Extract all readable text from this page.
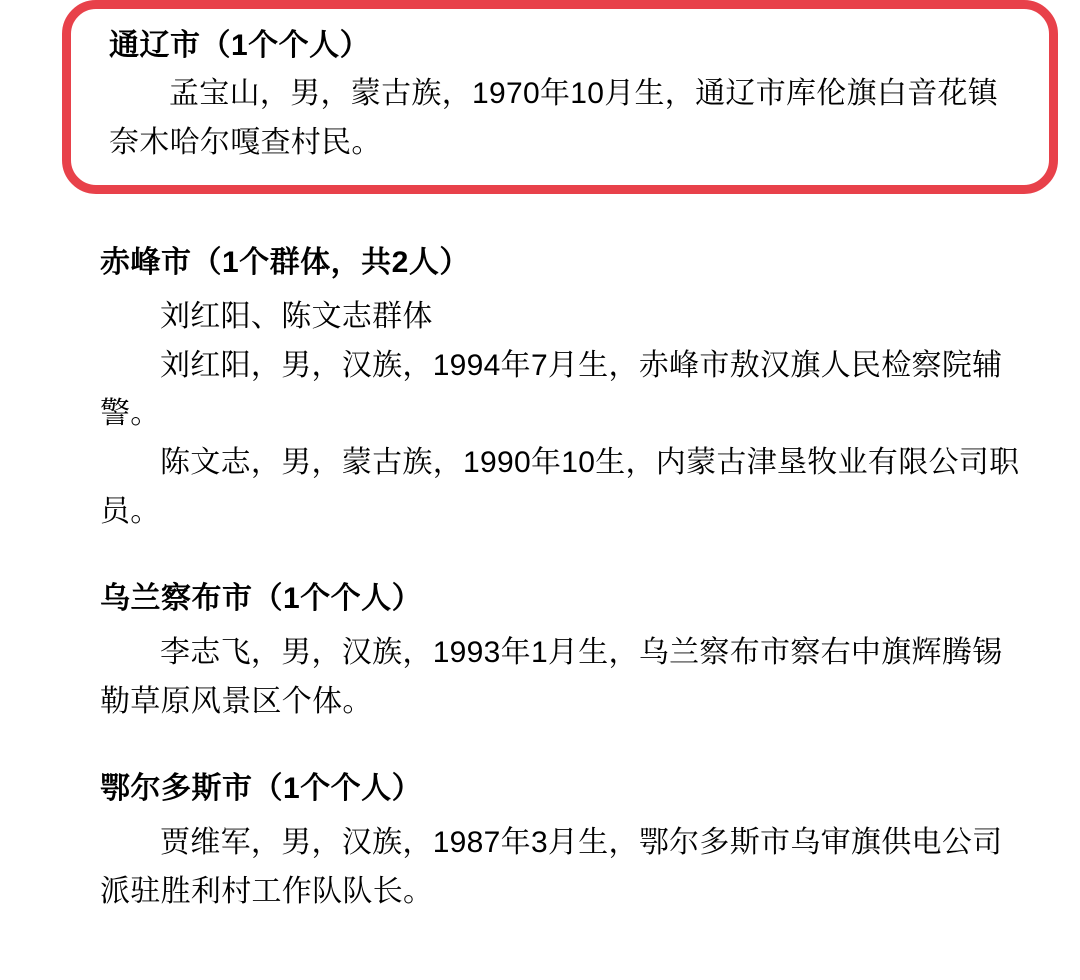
通辽市（1个个人）
孟宝山，男，蒙古族，1970年10月生，通辽市库伦旗白音花镇奈木哈尔嘎查村民。
赤峰市（1个群体，共2人）
刘红阳、陈文志群体
刘红阳，男，汉族，1994年7月生，赤峰市敖汉旗人民检察院辅警。
陈文志，男，蒙古族，1990年10生，内蒙古津垦牧业有限公司职员。
乌兰察布市（1个个人）
李志飞，男，汉族，1993年1月生，乌兰察布市察右中旗辉腾锡勒草原风景区个体。
鄂尔多斯市（1个个人）
贾维军，男，汉族，1987年3月生，鄂尔多斯市乌审旗供电公司派驻胜利村工作队队长。
